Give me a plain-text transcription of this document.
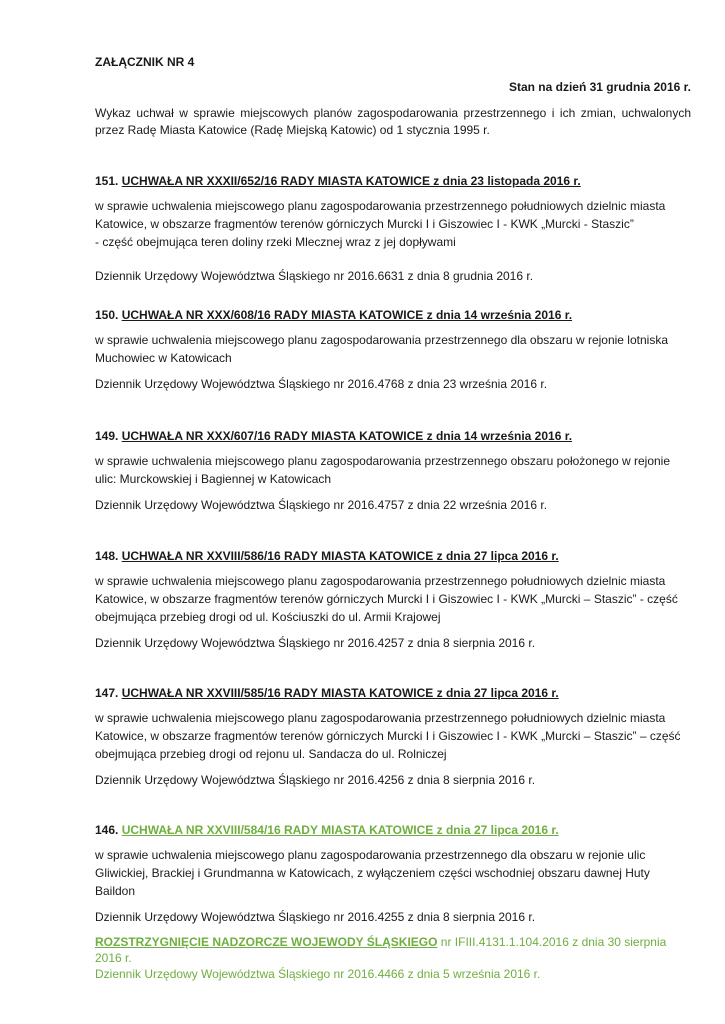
ZAŁĄCZNIK NR 4
Stan na dzień 31 grudnia 2016 r.
Wykaz uchwał w sprawie miejscowych planów zagospodarowania przestrzennego i ich zmian, uchwalonych przez Radę Miasta Katowice (Radę Miejską Katowic) od 1 stycznia 1995 r.
151. UCHWAŁA NR XXXII/652/16 RADY MIASTA KATOWICE z dnia 23 listopada 2016 r.
w sprawie uchwalenia miejscowego planu zagospodarowania przestrzennego południowych dzielnic miasta
Katowice, w obszarze fragmentów terenów górniczych Murcki I i Giszowiec I - KWK „Murcki - Staszic”
- część obejmująca teren doliny rzeki Mlecznej wraz z jej dopływami
Dziennik Urzędowy Województwa Śląskiego nr 2016.6631 z dnia 8 grudnia 2016 r.
150. UCHWAŁA NR XXX/608/16 RADY MIASTA KATOWICE z dnia 14 września 2016 r.
w sprawie uchwalenia miejscowego planu zagospodarowania przestrzennego dla obszaru w rejonie lotniska
Muchowiec w Katowicach
Dziennik Urzędowy Województwa Śląskiego nr 2016.4768 z dnia 23 września 2016 r.
149. UCHWAŁA NR XXX/607/16 RADY MIASTA KATOWICE z dnia 14 września 2016 r.
w sprawie uchwalenia miejscowego planu zagospodarowania przestrzennego obszaru położonego w rejonie
ulic: Murckowskiej i Bagiennej w Katowicach
Dziennik Urzędowy Województwa Śląskiego nr 2016.4757 z dnia 22 września 2016 r.
148. UCHWAŁA NR XXVIII/586/16 RADY MIASTA KATOWICE z dnia 27 lipca 2016 r.
w sprawie uchwalenia miejscowego planu zagospodarowania przestrzennego południowych dzielnic miasta
Katowice, w obszarze fragmentów terenów górniczych Murcki I i Giszowiec I - KWK „Murcki – Staszic” - część
obejmująca przebieg drogi od ul. Kościuszki do ul. Armii Krajowej
Dziennik Urzędowy Województwa Śląskiego nr 2016.4257 z dnia 8 sierpnia 2016 r.
147. UCHWAŁA NR XXVIII/585/16 RADY MIASTA KATOWICE z dnia 27 lipca 2016 r.
w sprawie uchwalenia miejscowego planu zagospodarowania przestrzennego południowych dzielnic miasta
Katowice, w obszarze fragmentów terenów górniczych Murcki I i Giszowiec I - KWK „Murcki – Staszic” – część
obejmująca przebieg drogi od rejonu ul. Sandacza do ul. Rolniczej
Dziennik Urzędowy Województwa Śląskiego nr 2016.4256 z dnia 8 sierpnia 2016 r.
146. UCHWAŁA NR XXVIII/584/16 RADY MIASTA KATOWICE z dnia 27 lipca 2016 r.
w sprawie uchwalenia miejscowego planu zagospodarowania przestrzennego dla obszaru w rejonie ulic
Gliwickiej, Brackiej i Grundmanna w Katowicach, z wyłączeniem części wschodniej obszaru dawnej Huty
Baildon
Dziennik Urzędowy Województwa Śląskiego nr 2016.4255 z dnia 8 sierpnia 2016 r.
ROZSTRZYGNIĘCIE NADZORCZE WOJEWODY ŚLĄSKIEGO nr IFIII.4131.1.104.2016 z dnia 30 sierpnia 2016 r.
Dziennik Urzędowy Województwa Śląskiego nr 2016.4466 z dnia 5 września 2016 r.
